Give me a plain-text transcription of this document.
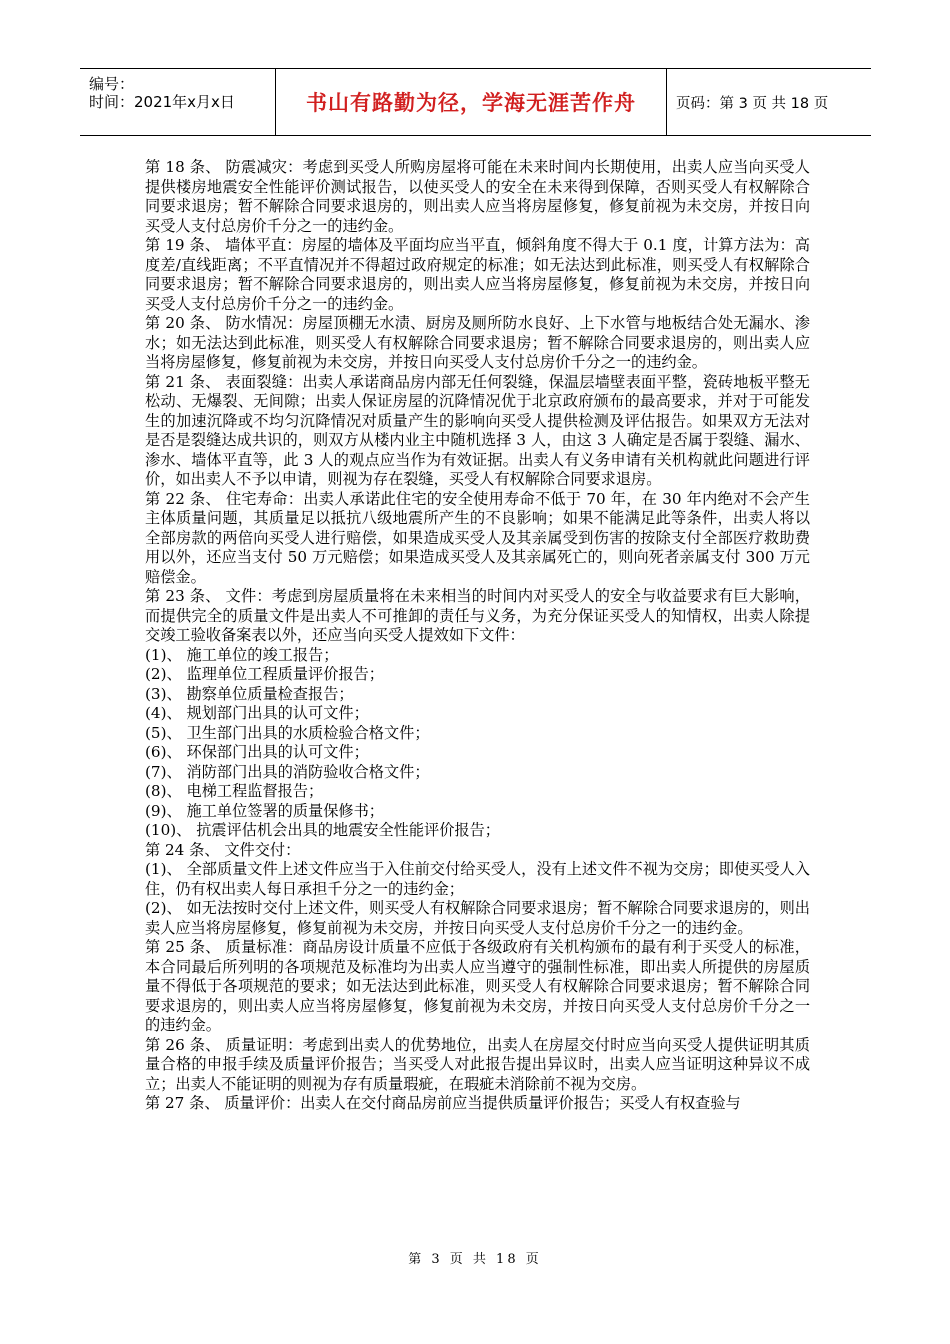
编号：
时间：2021年x月x日	书山有路勤为径，学海无涯苦作舟	页码：第 3 页 共 18 页

第 18 条、 防震减灾：考虑到买受人所购房屋将可能在未来时间内长期使用，出卖人应当向买受人提供楼房地震安全性能评价测试报告，以使买受人的安全在未来得到保障，否则买受人有权解除合同要求退房；暂不解除合同要求退房的，则出卖人应当将房屋修复，修复前视为未交房，并按日向买受人支付总房价千分之一的违约金。

第 19 条、 墙体平直：房屋的墙体及平面均应当平直，倾斜角度不得大于 0.1 度，计算方法为：高度差/直线距离；不平直情况并不得超过政府规定的标准；如无法达到此标准，则买受人有权解除合同要求退房；暂不解除合同要求退房的，则出卖人应当将房屋修复，修复前视为未交房，并按日向买受人支付总房价千分之一的违约金。

第 20 条、 防水情况：房屋顶棚无水渍、厨房及厕所防水良好、上下水管与地板结合处无漏水、渗水；如无法达到此标准，则买受人有权解除合同要求退房；暂不解除合同要求退房的，则出卖人应当将房屋修复，修复前视为未交房，并按日向买受人支付总房价千分之一的违约金。

第 21 条、 表面裂缝：出卖人承诺商品房内部无任何裂缝，保温层墙壁表面平整，瓷砖地板平整无松动、无爆裂、无间隙；出卖人保证房屋的沉降情况优于北京政府颁布的最高要求，并对于可能发生的加速沉降或不均匀沉降情况对质量产生的影响向买受人提供检测及评估报告。如果双方无法对是否是裂缝达成共识的，则双方从楼内业主中随机选择 3 人，由这 3 人确定是否属于裂缝、漏水、渗水、墙体平直等，此 3 人的观点应当作为有效证据。出卖人有义务申请有关机构就此问题进行评价，如出卖人不予以申请，则视为存在裂缝，买受人有权解除合同要求退房。

第 22 条、 住宅寿命：出卖人承诺此住宅的安全使用寿命不低于 70 年，在 30 年内绝对不会产生主体质量问题，其质量足以抵抗八级地震所产生的不良影响；如果不能满足此等条件，出卖人将以全部房款的两倍向买受人进行赔偿，如果造成买受人及其亲属受到伤害的按除支付全部医疗救助费用以外，还应当支付 50 万元赔偿；如果造成买受人及其亲属死亡的，则向死者亲属支付 300 万元赔偿金。

第 23 条、 文件：考虑到房屋质量将在未来相当的时间内对买受人的安全与收益要求有巨大影响，而提供完全的质量文件是出卖人不可推卸的责任与义务，为充分保证买受人的知情权，出卖人除提交竣工验收备案表以外，还应当向买受人提效如下文件：

(1)、 施工单位的竣工报告；

(2)、 监理单位工程质量评价报告；

(3)、 勘察单位质量检查报告；

(4)、 规划部门出具的认可文件；

(5)、 卫生部门出具的水质检验合格文件；

(6)、 环保部门出具的认可文件；

(7)、 消防部门出具的消防验收合格文件；

(8)、 电梯工程监督报告；

(9)、 施工单位签署的质量保修书；

(10)、 抗震评估机会出具的地震安全性能评价报告；

第 24 条、 文件交付：

(1)、 全部质量文件上述文件应当于入住前交付给买受人，没有上述文件不视为交房；即使买受人入住，仍有权出卖人每日承担千分之一的违约金；

(2)、 如无法按时交付上述文件，则买受人有权解除合同要求退房；暂不解除合同要求退房的，则出卖人应当将房屋修复，修复前视为未交房，并按日向买受人支付总房价千分之一的违约金。

第 25 条、 质量标准：商品房设计质量不应低于各级政府有关机构颁布的最有利于买受人的标准，本合同最后所列明的各项规范及标准均为出卖人应当遵守的强制性标准，即出卖人所提供的房屋质量不得低于各项规范的要求；如无法达到此标准，则买受人有权解除合同要求退房；暂不解除合同要求退房的，则出卖人应当将房屋修复，修复前视为未交房，并按日向买受人支付总房价千分之一的违约金。

第 26 条、 质量证明：考虑到出卖人的优势地位，出卖人在房屋交付时应当向买受人提供证明其质量合格的申报手续及质量评价报告；当买受人对此报告提出异议时，出卖人应当证明这种异议不成立；出卖人不能证明的则视为存有质量瑕疵，在瑕疵未消除前不视为交房。

第 27 条、 质量评价：出卖人在交付商品房前应当提供质量评价报告；买受人有权查验与

第 3 页 共 18 页
